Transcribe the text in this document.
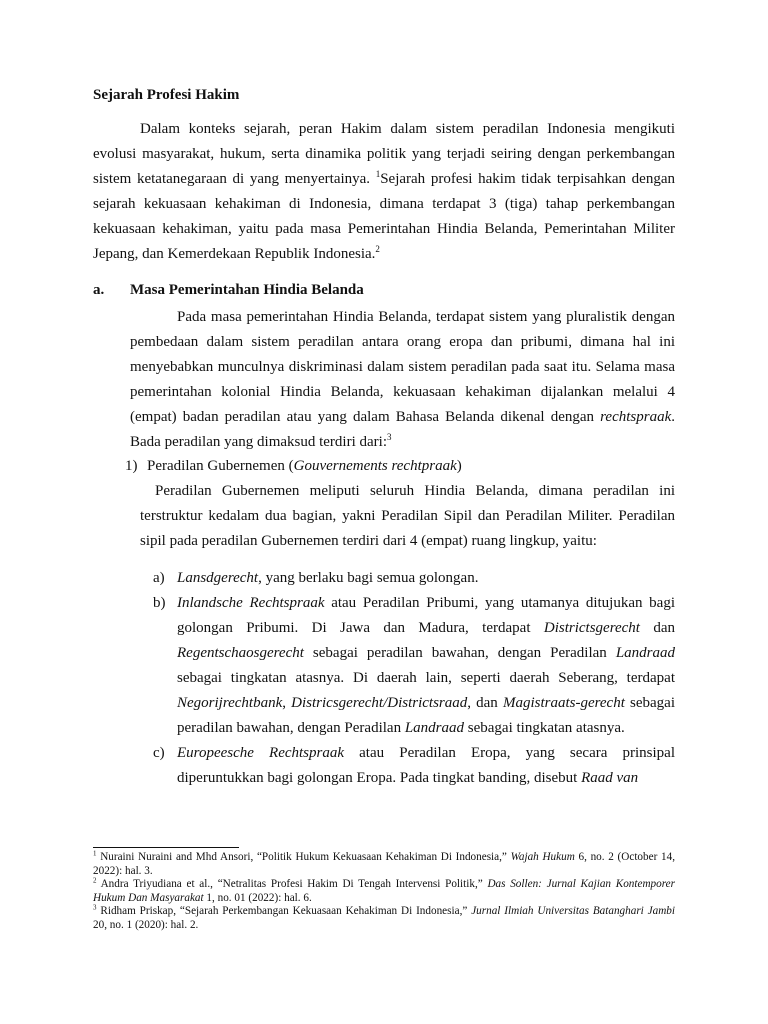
Sejarah Profesi Hakim

Dalam konteks sejarah, peran Hakim dalam sistem peradilan Indonesia mengikuti evolusi masyarakat, hukum, serta dinamika politik yang terjadi seiring dengan perkembangan sistem ketatanegaraan di yang menyertainya. $^1$Sejarah profesi hakim tidak terpisahkan dengan sejarah kekuasaan kehakiman di Indonesia, dimana terdapat 3 (tiga) tahap perkembangan kekuasaan kehakiman, yaitu pada masa Pemerintahan Hindia Belanda, Pemerintahan Militer Jepang, dan Kemerdekaan Republik Indonesia.$^2$

a. Masa Pemerintahan Hindia Belanda

Pada masa pemerintahan Hindia Belanda, terdapat sistem yang pluralistik dengan pembedaan dalam sistem peradilan antara orang eropa dan pribumi, dimana hal ini menyebabkan munculnya diskriminasi dalam sistem peradilan pada saat itu. Selama masa pemerintahan kolonial Hindia Belanda, kekuasaan kehakiman dijalankan melalui 4 (empat) badan peradilan atau yang dalam Bahasa Belanda dikenal dengan rechtspraak. Bada peradilan yang dimaksud terdiri dari:$^3$

1) Peradilan Gubernemen (Gouvernements rechtpraak)

Peradilan Gubernemen meliputi seluruh Hindia Belanda, dimana peradilan ini terstruktur kedalam dua bagian, yakni Peradilan Sipil dan Peradilan Militer. Peradilan sipil pada peradilan Gubernemen terdiri dari 4 (empat) ruang lingkup, yaitu:

a) Lansdgerecht, yang berlaku bagi semua golongan.
b) Inlandsche Rechtspraak atau Peradilan Pribumi, yang utamanya ditujukan bagi golongan Pribumi. Di Jawa dan Madura, terdapat Districtsgerecht dan Regentschaosgerecht sebagai peradilan bawahan, dengan Peradilan Landraad sebagai tingkatan atasnya. Di daerah lain, seperti daerah Seberang, terdapat Negorijrechtbank, Districsgerecht/Districtsraad, dan Magistraats-gerecht sebagai peradilan bawahan, dengan Peradilan Landraad sebagai tingkatan atasnya.
c) Europeesche Rechtspraak atau Peradilan Eropa, yang secara prinsipal diperuntukkan bagi golongan Eropa. Pada tingkat banding, disebut Raad van

$^1$ Nuraini Nuraini and Mhd Ansori, “Politik Hukum Kekuasaan Kehakiman Di Indonesia,” Wajah Hukum 6, no. 2 (October 14, 2022): hal. 3.

$^2$ Andra Triyudiana et al., “Netralitas Profesi Hakim Di Tengah Intervensi Politik,” Das Sollen: Jurnal Kajian Kontemporer Hukum Dan Masyarakat 1, no. 01 (2022): hal. 6.

$^3$ Ridham Priskap, “Sejarah Perkembangan Kekuasaan Kehakiman Di Indonesia,” Jurnal Ilmiah Universitas Batanghari Jambi 20, no. 1 (2020): hal. 2.
